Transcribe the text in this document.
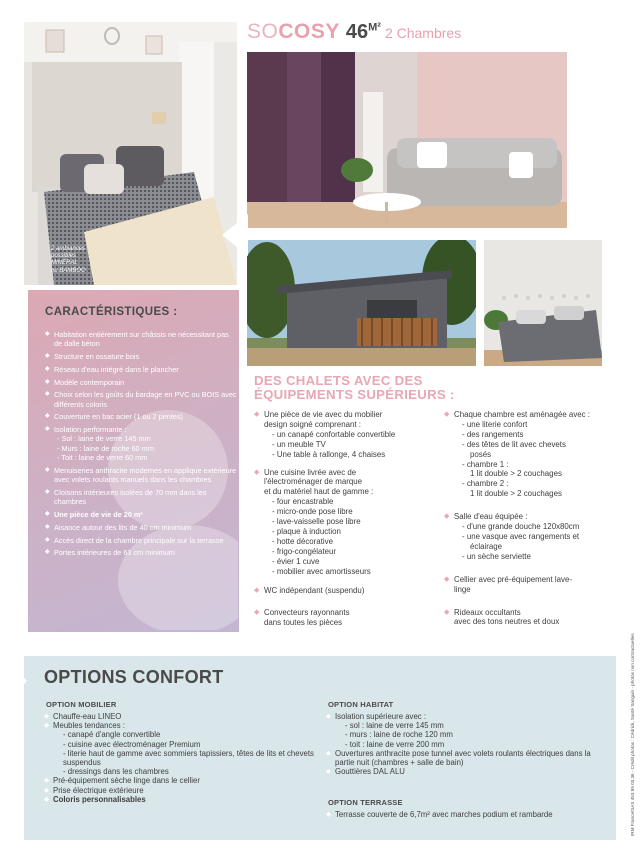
2 ambiances
possibles
MINÉRAL
ou BAMBOO
SOCOSY $46^{M^2}$ 2 Chambres
CARACTÉRISTIQUES :
◆ Habitation entièrement sur châssis ne nécessitant pas de dalle béton
◆ Structure en ossature bois
◆ Réseau d'eau intégré dans le plancher
◆ Modèle contemporain
◆ Choix selon les goûts du bardage en PVC ou BOIS avec différents coloris
◆ Couverture en bac acier (1 ou 2 pentes)
◆ Isolation performante :
- Sol : laine de verre 145 mm
- Murs : laine de roche 60 mm
- Toit : laine de verre 60 mm
◆ Menuiseries anthracite modernes en applique extérieure avec volets roulants manuels dans les chambres
◆ Cloisons intérieures isolées de 70 mm dans les chambres
◆ Une pièce de vie de 20 m²
◆ Aisance autour des lits de 40 cm minimum
◆ Accès direct de la chambre principale sur la terrasse
◆ Portes intérieures de 63 cm minimum
DES CHALETS AVEC DES
ÉQUIPEMENTS SUPÉRIEURS :
◆ Une pièce de vie avec du mobilier
design soigné comprenant :
- un canapé confortable convertible
- un meuble TV
- Une table à rallonge, 4 chaises
◆ Une cuisine livrée avec de
l'électroménager de marque
et du matériel haut de gamme :
- four encastrable
- micro-onde pose libre
- lave-vaisselle pose libre
- plaque à induction
- hotte décorative
- frigo-congélateur
- évier 1 cuve
- mobilier avec amortisseurs
◆ WC indépendant (suspendu)
◆ Convecteurs rayonnants
dans toutes les pièces
◆ Chaque chambre est aménagée avec :
- une literie confort
- des rangements
- des têtes de lit avec chevets
posés
- chambre 1 :
1 lit double > 2 couchages
- chambre 2 :
1 lit double > 2 couchages
◆ Salle d'eau équipée :
- d'une grande douche 120x80cm
- une vasque avec rangements et
éclairage
- un sèche serviette
◆ Cellier avec pré-équipement lave-
linge
◆ Rideaux occultants
avec des tons neutres et doux
OPTIONS CONFORT
OPTION MOBILIER
◆ Chauffe-eau LINEO
◆ Meubles tendances :
- canapé d'angle convertible
- cuisine avec électroménager Premium
- literie haut de gamme avec sommiers tapissiers, têtes de lits et chevets suspendus
- dressings dans les chambres
◆ Pré-équipement sèche linge dans le cellier
◆ Prise électrique extérieure
◆ Coloris personnalisables
OPTION HABITAT
◆ Isolation supérieure avec :
- sol : laine de verre 145 mm
- murs : laine de roche 120 mm
- toit : laine de verre 200 mm
◆ Ouvertures anthracite pose tunnel avec volets roulants électriques dans la partie nuit (chambres + salle de bain)
◆ Gouttières DAL ALU
OPTION TERRASSE
◆ Terrasse couverte de 6,7m² avec marches podium et rambarde	IRM France/SAS 453 89 03 36 - Crédit photos : Cédrick, Santé Sanguin - photos non contractuelles
